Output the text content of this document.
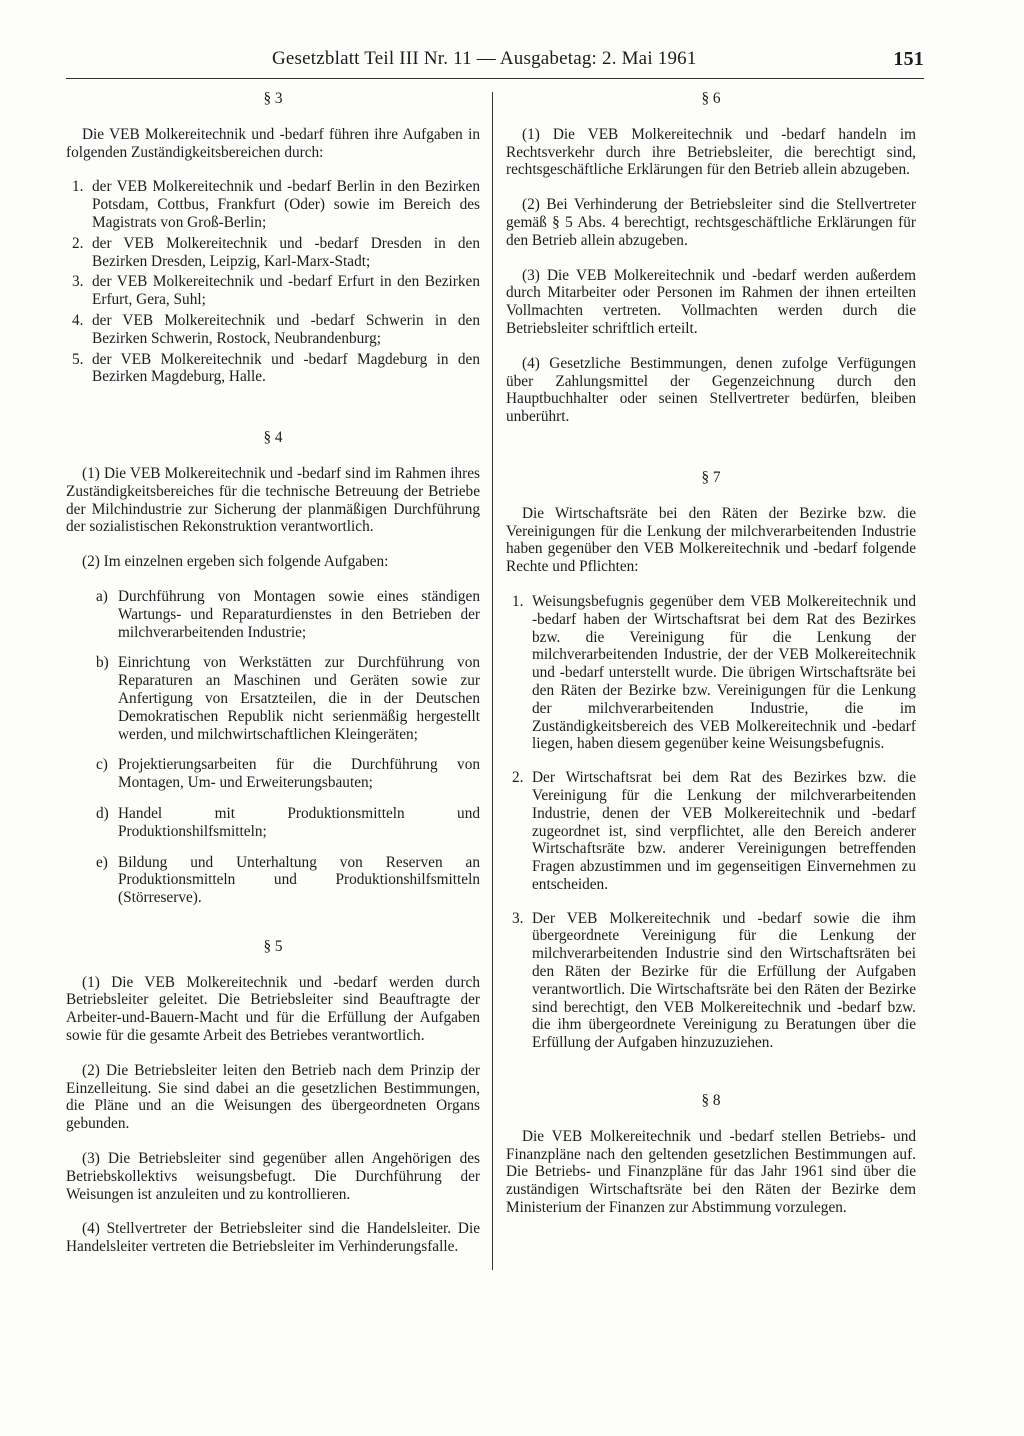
Gesetzblatt Teil III Nr. 11 — Ausgabetag: 2. Mai 1961	151
§ 3

Die VEB Molkereitechnik und -bedarf führen ihre Aufgaben in folgenden Zuständigkeitsbereichen durch:

1. der VEB Molkereitechnik und -bedarf Berlin in den Bezirken Potsdam, Cottbus, Frankfurt (Oder) sowie im Bereich des Magistrats von Groß-Berlin;
2. der VEB Molkereitechnik und -bedarf Dresden in den Bezirken Dresden, Leipzig, Karl-Marx-Stadt;
3. der VEB Molkereitechnik und -bedarf Erfurt in den Bezirken Erfurt, Gera, Suhl;
4. der VEB Molkereitechnik und -bedarf Schwerin in den Bezirken Schwerin, Rostock, Neubrandenburg;
5. der VEB Molkereitechnik und -bedarf Magdeburg in den Bezirken Magdeburg, Halle.
§ 4

(1) Die VEB Molkereitechnik und -bedarf sind im Rahmen ihres Zuständigkeitsbereiches für die technische Betreuung der Betriebe der Milchindustrie zur Sicherung der planmäßigen Durchführung der sozialistischen Rekonstruktion verantwortlich.

(2) Im einzelnen ergeben sich folgende Aufgaben:

a) Durchführung von Montagen sowie eines ständigen Wartungs- und Reparaturdienstes in den Betrieben der milchverarbeitenden Industrie;
b) Einrichtung von Werkstätten zur Durchführung von Reparaturen an Maschinen und Geräten sowie zur Anfertigung von Ersatzteilen, die in der Deutschen Demokratischen Republik nicht serienmäßig hergestellt werden, und milchwirtschaftlichen Kleingeräten;
c) Projektierungsarbeiten für die Durchführung von Montagen, Um- und Erweiterungsbauten;
d) Handel mit Produktionsmitteln und Produktionshilfsmitteln;
e) Bildung und Unterhaltung von Reserven an Produktionsmitteln und Produktionshilfsmitteln (Störreserve).
§ 5

(1) Die VEB Molkereitechnik und -bedarf werden durch Betriebsleiter geleitet. Die Betriebsleiter sind Beauftragte der Arbeiter-und-Bauern-Macht und für die Erfüllung der Aufgaben sowie für die gesamte Arbeit des Betriebes verantwortlich.

(2) Die Betriebsleiter leiten den Betrieb nach dem Prinzip der Einzelleitung. Sie sind dabei an die gesetzlichen Bestimmungen, die Pläne und an die Weisungen des übergeordneten Organs gebunden.

(3) Die Betriebsleiter sind gegenüber allen Angehörigen des Betriebskollektivs weisungsbefugt. Die Durchführung der Weisungen ist anzuleiten und zu kontrollieren.

(4) Stellvertreter der Betriebsleiter sind die Handelsleiter. Die Handelsleiter vertreten die Betriebsleiter im Verhinderungsfalle.

§ 6

(1) Die VEB Molkereitechnik und -bedarf handeln im Rechtsverkehr durch ihre Betriebsleiter, die berechtigt sind, rechtsgeschäftliche Erklärungen für den Betrieb allein abzugeben.

(2) Bei Verhinderung der Betriebsleiter sind die Stellvertreter gemäß § 5 Abs. 4 berechtigt, rechtsgeschäftliche Erklärungen für den Betrieb allein abzugeben.

(3) Die VEB Molkereitechnik und -bedarf werden außerdem durch Mitarbeiter oder Personen im Rahmen der ihnen erteilten Vollmachten vertreten. Vollmachten werden durch die Betriebsleiter schriftlich erteilt.

(4) Gesetzliche Bestimmungen, denen zufolge Verfügungen über Zahlungsmittel der Gegenzeichnung durch den Hauptbuchhalter oder seinen Stellvertreter bedürfen, bleiben unberührt.

§ 7

Die Wirtschaftsräte bei den Räten der Bezirke bzw. die Vereinigungen für die Lenkung der milchverarbeitenden Industrie haben gegenüber den VEB Molkereitechnik und -bedarf folgende Rechte und Pflichten:

1. Weisungsbefugnis gegenüber dem VEB Molkereitechnik und -bedarf haben der Wirtschaftsrat bei dem Rat des Bezirkes bzw. die Vereinigung für die Lenkung der milchverarbeitenden Industrie, der der VEB Molkereitechnik und -bedarf unterstellt wurde. Die übrigen Wirtschaftsräte bei den Räten der Bezirke bzw. Vereinigungen für die Lenkung der milchverarbeitenden Industrie, die im Zuständigkeitsbereich des VEB Molkereitechnik und -bedarf liegen, haben diesem gegenüber keine Weisungsbefugnis.
2. Der Wirtschaftsrat bei dem Rat des Bezirkes bzw. die Vereinigung für die Lenkung der milchverarbeitenden Industrie, denen der VEB Molkereitechnik und -bedarf zugeordnet ist, sind verpflichtet, alle den Bereich anderer Wirtschaftsräte bzw. anderer Vereinigungen betreffenden Fragen abzustimmen und im gegenseitigen Einvernehmen zu entscheiden.
3. Der VEB Molkereitechnik und -bedarf sowie die ihm übergeordnete Vereinigung für die Lenkung der milchverarbeitenden Industrie sind den Wirtschaftsräten bei den Räten der Bezirke für die Erfüllung der Aufgaben verantwortlich. Die Wirtschaftsräte bei den Räten der Bezirke sind berechtigt, den VEB Molkereitechnik und -bedarf bzw. die ihm übergeordnete Vereinigung zu Beratungen über die Erfüllung der Aufgaben hinzuzuziehen.
§ 8

Die VEB Molkereitechnik und -bedarf stellen Betriebs- und Finanzpläne nach den geltenden gesetzlichen Bestimmungen auf. Die Betriebs- und Finanzpläne für das Jahr 1961 sind über die zuständigen Wirtschaftsräte bei den Räten der Bezirke dem Ministerium der Finanzen zur Abstimmung vorzulegen.
